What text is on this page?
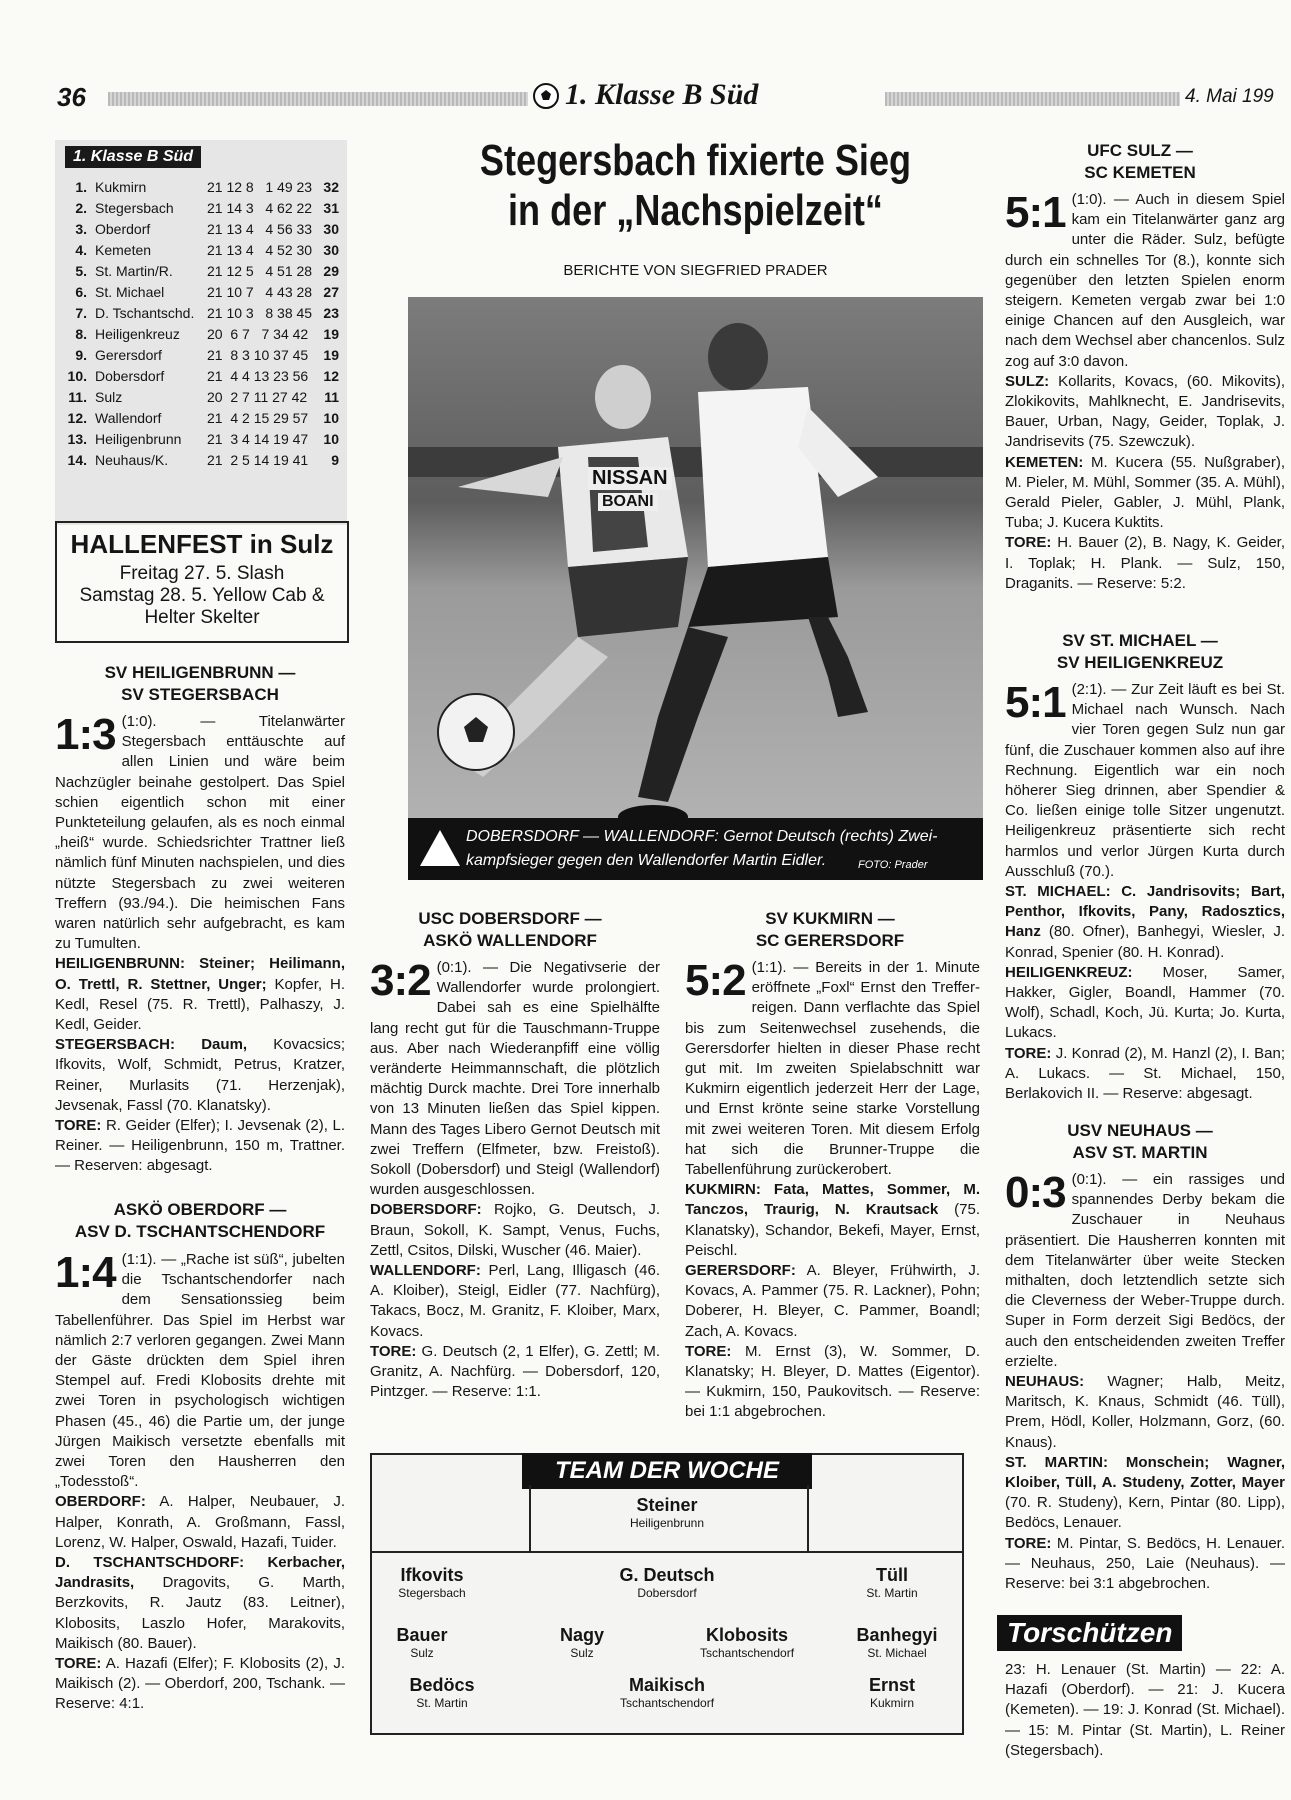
36	1. Klasse B Süd	4. Mai 199
1. Klasse B Süd
1. Kukmirn	21 12 8   1 49 23 32
2. Stegersbach	21 14 3   4 62 22 31
3. Oberdorf	21 13 4   4 56 33 30
4. Kemeten	21 13 4   4 52 30 30
5. St. Martin/R.	21 12 5   4 51 28 29
6. St. Michael	21 10 7   4 43 28 27
7. D. Tschantschd. 21 10 3   8 38 45 23
8. Heiligenkreuz	20  6 7   7 34 42	19
9. Gerersdorf	21  8 3 10 37 45	19
10. Dobersdorf	21  4 4 13 23 56	12
11. Sulz	20  2 7 11 27 42	11
12. Wallendorf	21  4 2 15 29 57	10
13. Heiligenbrunn	21  3 4 14 19 47	10
14. Neuhaus/K.	21  2 5 14 19 41	9
HALLENFEST in Sulz
Freitag 27. 5. Slash
Samstag 28. 5. Yellow Cab &
Helter Skelter
Stegersbach fixierte Sieg
in der „Nachspielzeit“
BERICHTE VON SIEGFRIED PRADER
NISSAN
BOANI
DOBERSDORF — WALLENDORF: Gernot Deutsch (rechts) Zwei-
kampfsieger gegen den Wallendorfer Martin Eidler.	FOTO: Prader
SV HEILIGENBRUNN —
SV STEGERSBACH
1:3 (1:0). — Titelanwärter Stegersbach enttäuschte auf allen Linien und wäre beim Nachzügler beinahe gestolpert. Das Spiel schien eigentlich schon mit einer Punkteteilung gelaufen, als es noch einmal „heiß“ wurde. Schiedsrichter Trattner ließ nämlich fünf Minuten nachspielen, und dies nützte Stegersbach zu zwei weiteren Treffern (93./94.). Die heimischen Fans waren natürlich sehr aufgebracht, es kam zu Tumulten.
HEILIGENBRUNN: Steiner; Heilimann, O. Trettl, R. Stettner, Unger; Kopfer, H. Kedl, Resel (75. R. Trettl), Palhaszy, J. Kedl, Geider.
STEGERSBACH: Daum, Kovacsics; Ifkovits, Wolf, Schmidt, Petrus, Kratzer, Reiner, Murlasits (71. Herzenjak), Jevsenak, Fassl (70. Klanatsky).
TORE: R. Geider (Elfer); I. Jevsenak (2), L. Reiner. — Heiligenbrunn, 150 m, Trattner. — Reserven: abgesagt.
ASKÖ OBERDORF —
ASV D. TSCHANTSCHENDORF
1:4 (1:1). — „Rache ist süß“, jubelten die Tschantschendorfer nach dem Sensationssieg beim Tabellenführer. Das Spiel im Herbst war nämlich 2:7 verloren gegangen. Zwei Mann der Gäste drückten dem Spiel ihren Stempel auf. Fredi Klobosits drehte mit zwei Toren in psychologisch wichtigen Phasen (45., 46) die Partie um, der junge Jürgen Maikisch versetzte ebenfalls mit zwei Toren den Hausherren den „Todesstoß“.
OBERDORF: A. Halper, Neubauer, J. Halper, Konrath, A. Großmann, Fassl, Lorenz, W. Halper, Oswald, Hazafi, Tuider.
D. TSCHANTSCHDORF: Kerbacher, Jandrasits, Dragovits, G. Marth, Berzkovits, R. Jautz (83. Leitner), Klobosits, Laszlo Hofer, Marakovits, Maikisch (80. Bauer).
TORE: A. Hazafi (Elfer); F. Klobosits (2), J. Maikisch (2). — Oberdorf, 200, Tschank. — Reserve: 4:1.
USC DOBERSDORF —
ASKÖ WALLENDORF
3:2 (0:1). — Die Negativserie der Wallendorfer wurde prolongiert. Dabei sah es eine Spielhälfte lang recht gut für die Tauschmann-Truppe aus. Aber nach Wiederanpfiff eine völlig veränderte Heimmannschaft, die plötzlich mächtig Durck machte. Drei Tore innerhalb von 13 Minuten ließen das Spiel kippen. Mann des Tages Libero Gernot Deutsch mit zwei Treffern (Elfmeter, bzw. Freistoß). Sokoll (Dobersdorf) und Steigl (Wallendorf) wurden ausgeschlossen.
DOBERSDORF: Rojko, G. Deutsch, J. Braun, Sokoll, K. Sampt, Venus, Fuchs, Zettl, Csitos, Dilski, Wuscher (46. Maier).
WALLENDORF: Perl, Lang, Illigasch (46. A. Kloiber), Steigl, Eidler (77. Nachfürg), Takacs, Bocz, M. Granitz, F. Kloiber, Marx, Kovacs.
TORE: G. Deutsch (2, 1 Elfer), G. Zettl; M. Granitz, A. Nachfürg. — Dobersdorf, 120, Pintzger. — Reserve: 1:1.
SV KUKMIRN —
SC GERERSDORF
5:2 (1:1). — Bereits in der 1. Minute eröffnete „Foxl“ Ernst den Trefferreigen. Dann verflachte das Spiel bis zum Seitenwechsel zusehends, die Gerersdorfer hielten in dieser Phase recht gut mit. Im zweiten Spielabschnitt war Kukmirn eigentlich jederzeit Herr der Lage, und Ernst krönte seine starke Vorstellung mit zwei weiteren Toren. Mit diesem Erfolg hat sich die Brunner-Truppe die Tabellenführung zurückerobert.
KUKMIRN: Fata, Mattes, Sommer, M. Tanczos, Traurig, N. Krautsack (75. Klanatsky), Schandor, Bekefi, Mayer, Ernst, Peischl.
GERERSDORF: A. Bleyer, Frühwirth, J. Kovacs, A. Pammer (75. R. Lackner), Pohn; Doberer, H. Bleyer, C. Pammer, Boandl; Zach, A. Kovacs.
TORE: M. Ernst (3), W. Sommer, D. Klanatsky; H. Bleyer, D. Mattes (Eigentor). — Kukmirn, 150, Paukovitsch. — Reserve: bei 1:1 abgebrochen.
UFC SULZ —
SC KEMETEN
5:1 (1:0). — Auch in diesem Spiel kam ein Titelanwärter ganz arg unter die Räder. Sulz, befügte durch ein schnelles Tor (8.), konnte sich gegenüber den letzten Spielen enorm steigern. Kemeten vergab zwar bei 1:0 einige Chancen auf den Ausgleich, war nach dem Wechsel aber chancenlos. Sulz zog auf 3:0 davon.
SULZ: Kollarits, Kovacs, (60. Mikovits), Zlokikovits, Mahlknecht, E. Jandrisevits, Bauer, Urban, Nagy, Geider, Toplak, J. Jandrisevits (75. Szewczuk).
KEMETEN: M. Kucera (55. Nußgraber), M. Pieler, M. Mühl, Sommer (35. A. Mühl), Gerald Pieler, Gabler, J. Mühl, Plank, Tuba; J. Kucera Kuktits.
TORE: H. Bauer (2), B. Nagy, K. Geider, I. Toplak; H. Plank. — Sulz, 150, Draganits. — Reserve: 5:2.
SV ST. MICHAEL —
SV HEILIGENKREUZ
5:1 (2:1). — Zur Zeit läuft es bei St. Michael nach Wunsch. Nach vier Toren gegen Sulz nun gar fünf, die Zuschauer kommen also auf ihre Rechnung. Eigentlich war ein noch höherer Sieg drinnen, aber Spendier & Co. ließen einige tolle Sitzer ungenutzt. Heiligenkreuz präsentierte sich recht harmlos und verlor Jürgen Kurta durch Ausschluß (70.).
ST. MICHAEL: C. Jandrisovits; Bart, Penthor, Ifkovits, Pany, Radosztics, Hanz (80. Ofner), Banhegyi, Wiesler, J. Konrad, Spenier (80. H. Konrad).
HEILIGENKREUZ: Moser, Samer, Hakker, Gigler, Boandl, Hammer (70. Wolf), Schadl, Koch, Jü. Kurta; Jo. Kurta, Lukacs.
TORE: J. Konrad (2), M. Hanzl (2), I. Ban; A. Lukacs. — St. Michael, 150, Berlakovich II. — Reserve: abgesagt.
USV NEUHAUS —
ASV ST. MARTIN
0:3 (0:1). — ein rassiges und spannendes Derby bekam die Zuschauer in Neuhaus präsentiert. Die Hausherren konnten mit dem Titelanwärter über weite Stecken mithalten, doch letztendlich setzte sich die Cleverness der Weber-Truppe durch. Super in Form derzeit Sigi Bedöcs, der auch den entscheidenden zweiten Treffer erzielte.
NEUHAUS: Wagner; Halb, Meitz, Maritsch, K. Knaus, Schmidt (46. Tüll), Prem, Hödl, Koller, Holzmann, Gorz, (60. Knaus).
ST. MARTIN: Monschein; Wagner, Kloiber, Tüll, A. Studeny, Zotter, Mayer (70. R. Studeny), Kern, Pintar (80. Lipp), Bedöcs, Lenauer.
TORE: M. Pintar, S. Bedöcs, H. Lenauer. — Neuhaus, 250, Laie (Neuhaus). — Reserve: bei 3:1 abgebrochen.
Torschützen
23: H. Lenauer (St. Martin) — 22: A. Hazafi (Oberdorf). — 21: J. Kucera (Kemeten). — 19: J. Konrad (St. Michael). — 15: M. Pintar (St. Martin), L. Reiner (Stegersbach).
TEAM DER WOCHE
Steiner
Heiligenbrunn
Ifkovits
Stegersbach
G. Deutsch
Dobersdorf
Tüll
St. Martin
Bauer
Sulz
Nagy
Sulz
Klobosits
Tschantschendorf
Banhegyi
St. Michael
Bedöcs
St. Martin
Maikisch
Tschantschendorf
Ernst
Kukmirn
